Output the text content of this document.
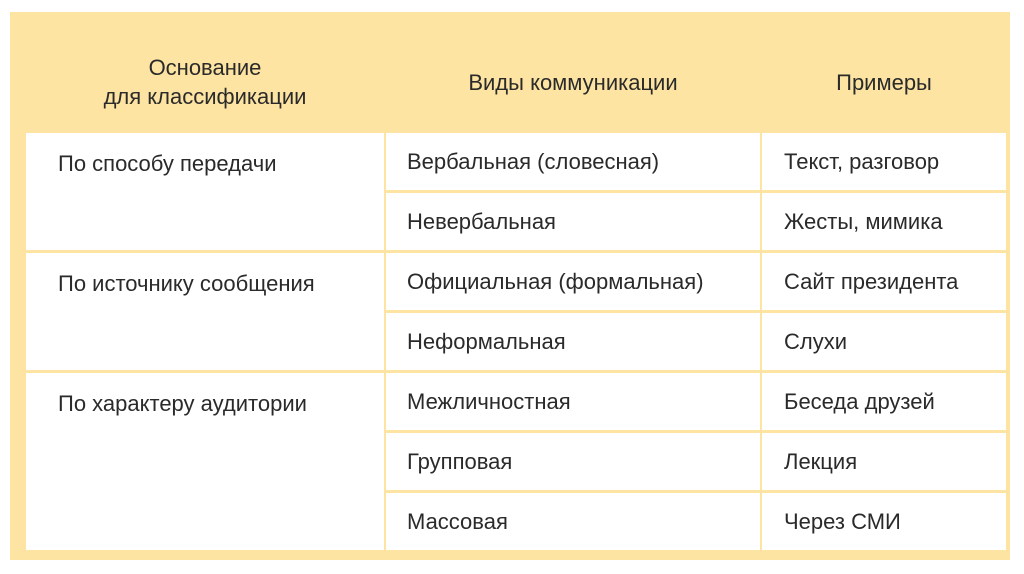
Основание
для классификации
Виды коммуникации	Примеры
По способу передачи	Вербальная (словесная)	Текст, разговор
Невербальная	Жесты, мимика
По источнику сообщения	Официальная (формальная)	Сайт президента
Неформальная	Слухи
По характеру аудитории	Межличностная	Беседа друзей
Групповая	Лекция
Массовая	Через СМИ
